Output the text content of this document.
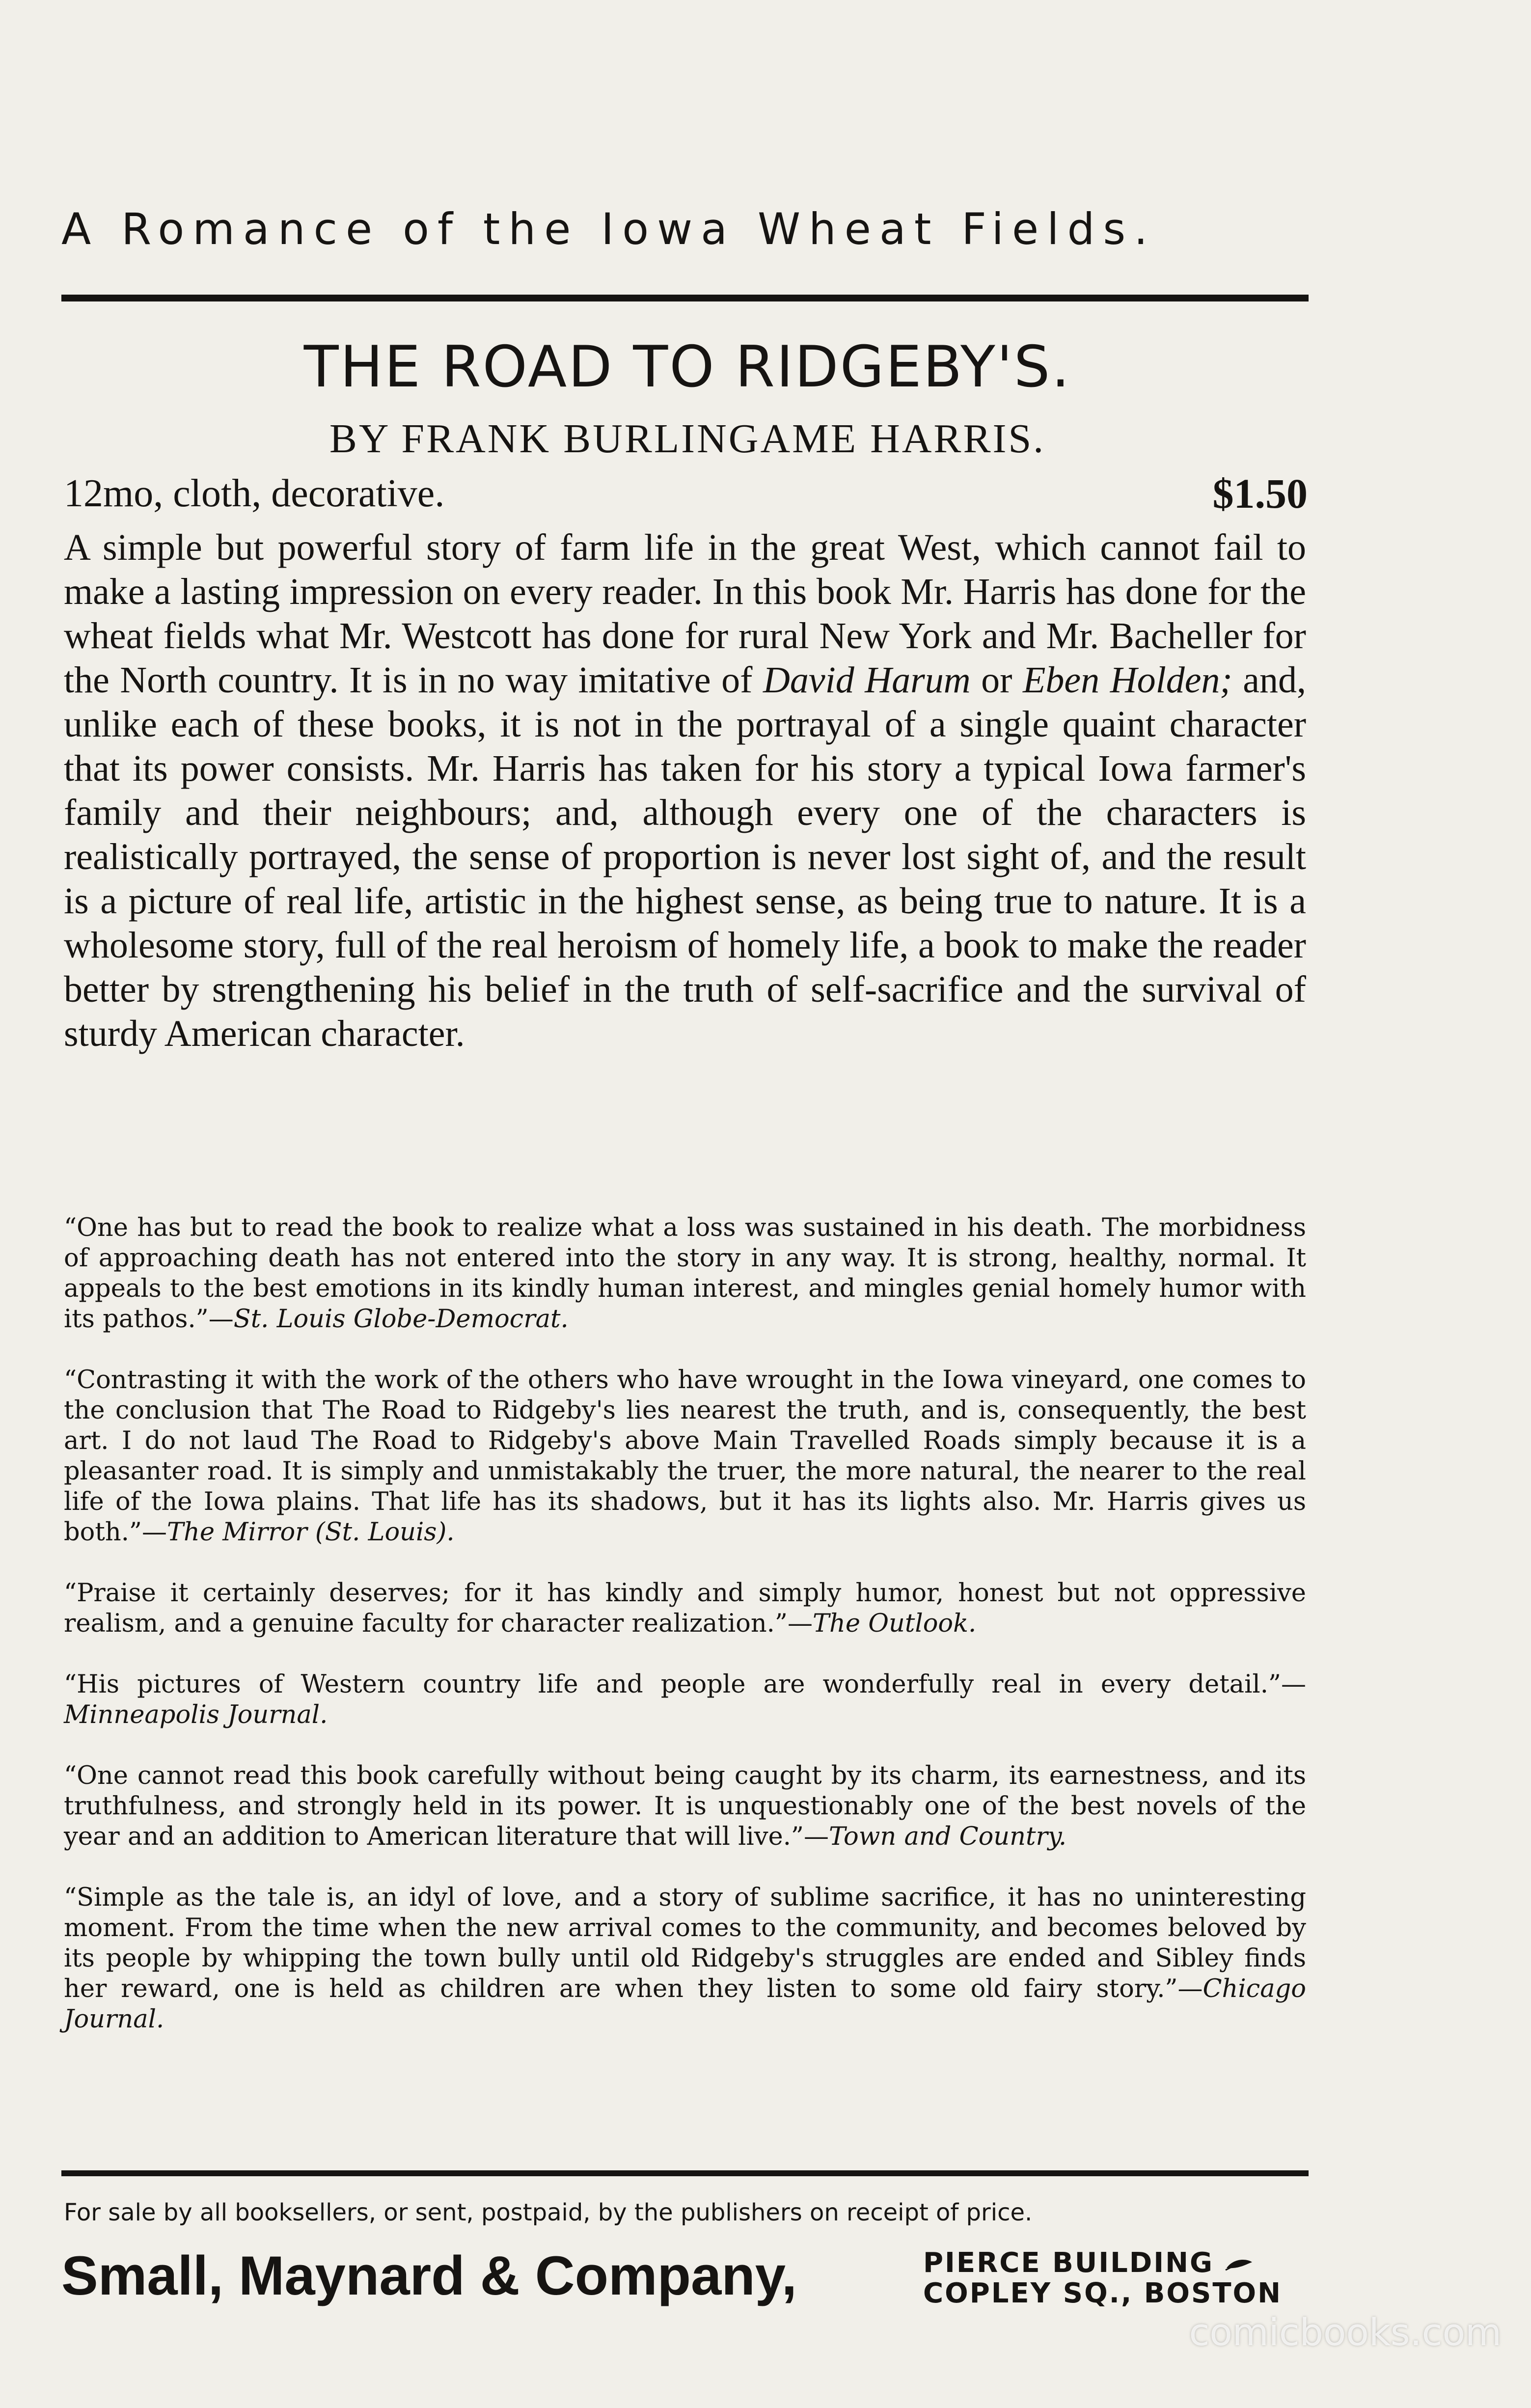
A Romance of the Iowa Wheat Fields.
THE ROAD TO RIDGEBY'S.
BY FRANK BURLINGAME HARRIS.
12mo, cloth, decorative.	$1.50
A simple but powerful story of farm life in the great West, which cannot fail to make a lasting impression on every reader. In this book Mr. Harris has done for the wheat fields what Mr. Westcott has done for rural New York and Mr. Bacheller for the North country. It is in no way imitative of David Harum or Eben Holden; and, unlike each of these books, it is not in the portrayal of a single quaint character that its power consists. Mr. Harris has taken for his story a typical Iowa farmer's family and their neighbours; and, although every one of the characters is realistically portrayed, the sense of proportion is never lost sight of, and the result is a picture of real life, artistic in the highest sense, as being true to nature. It is a wholesome story, full of the real heroism of homely life, a book to make the reader better by strengthening his belief in the truth of self-sacrifice and the survival of sturdy American character.

“One has but to read the book to realize what a loss was sustained in his death. The morbidness of approaching death has not entered into the story in any way. It is strong, healthy, normal. It appeals to the best emotions in its kindly human interest, and mingles genial homely humor with its pathos.”—St. Louis Globe-Democrat.

“Contrasting it with the work of the others who have wrought in the Iowa vineyard, one comes to the conclusion that The Road to Ridgeby's lies nearest the truth, and is, consequently, the best art. I do not laud The Road to Ridgeby's above Main Travelled Roads simply because it is a pleasanter road. It is simply and unmistakably the truer, the more natural, the nearer to the real life of the Iowa plains. That life has its shadows, but it has its lights also. Mr. Harris gives us both.”—The Mirror (St. Louis).

“Praise it certainly deserves; for it has kindly and simply humor, honest but not oppressive realism, and a genuine faculty for character realization.”—The Outlook.

“His pictures of Western country life and people are wonderfully real in every detail.”—Minneapolis Journal.

“One cannot read this book carefully without being caught by its charm, its earnestness, and its truthfulness, and strongly held in its power. It is unquestionably one of the best novels of the year and an addition to American literature that will live.”—Town and Country.

“Simple as the tale is, an idyl of love, and a story of sublime sacrifice, it has no uninteresting moment. From the time when the new arrival comes to the community, and becomes beloved by its people by whipping the town bully until old Ridgeby's struggles are ended and Sibley finds her reward, one is held as children are when they listen to some old fairy story.”—Chicago Journal.

For sale by all booksellers, or sent, postpaid, by the publishers on receipt of price.
Small, Maynard & Company,	PIERCE BUILDING
COPLEY SQ., BOSTON
comicbooks.com
